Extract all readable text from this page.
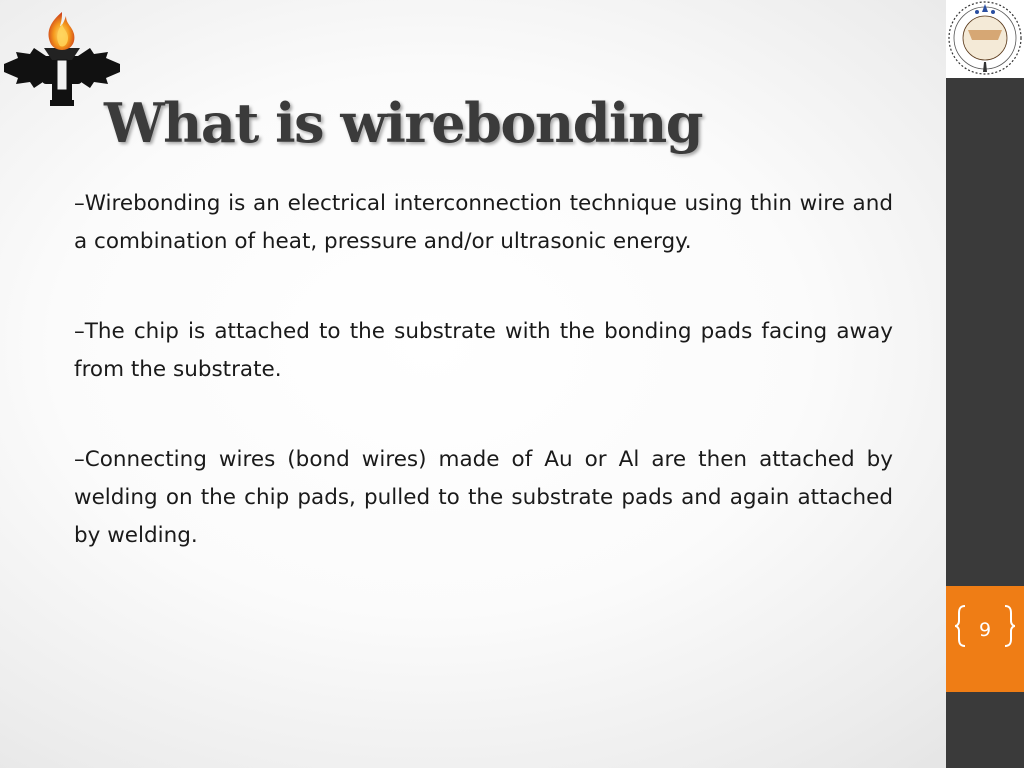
What is wirebonding

–Wirebonding is an electrical interconnection technique using thin wire and a combination of heat, pressure and/or ultrasonic energy.

–The chip is attached to the substrate with the bonding pads facing away from the substrate.

–Connecting wires (bond wires) made of Au or Al are then attached by welding on the chip pads, pulled to the substrate pads and again attached by welding.

9
